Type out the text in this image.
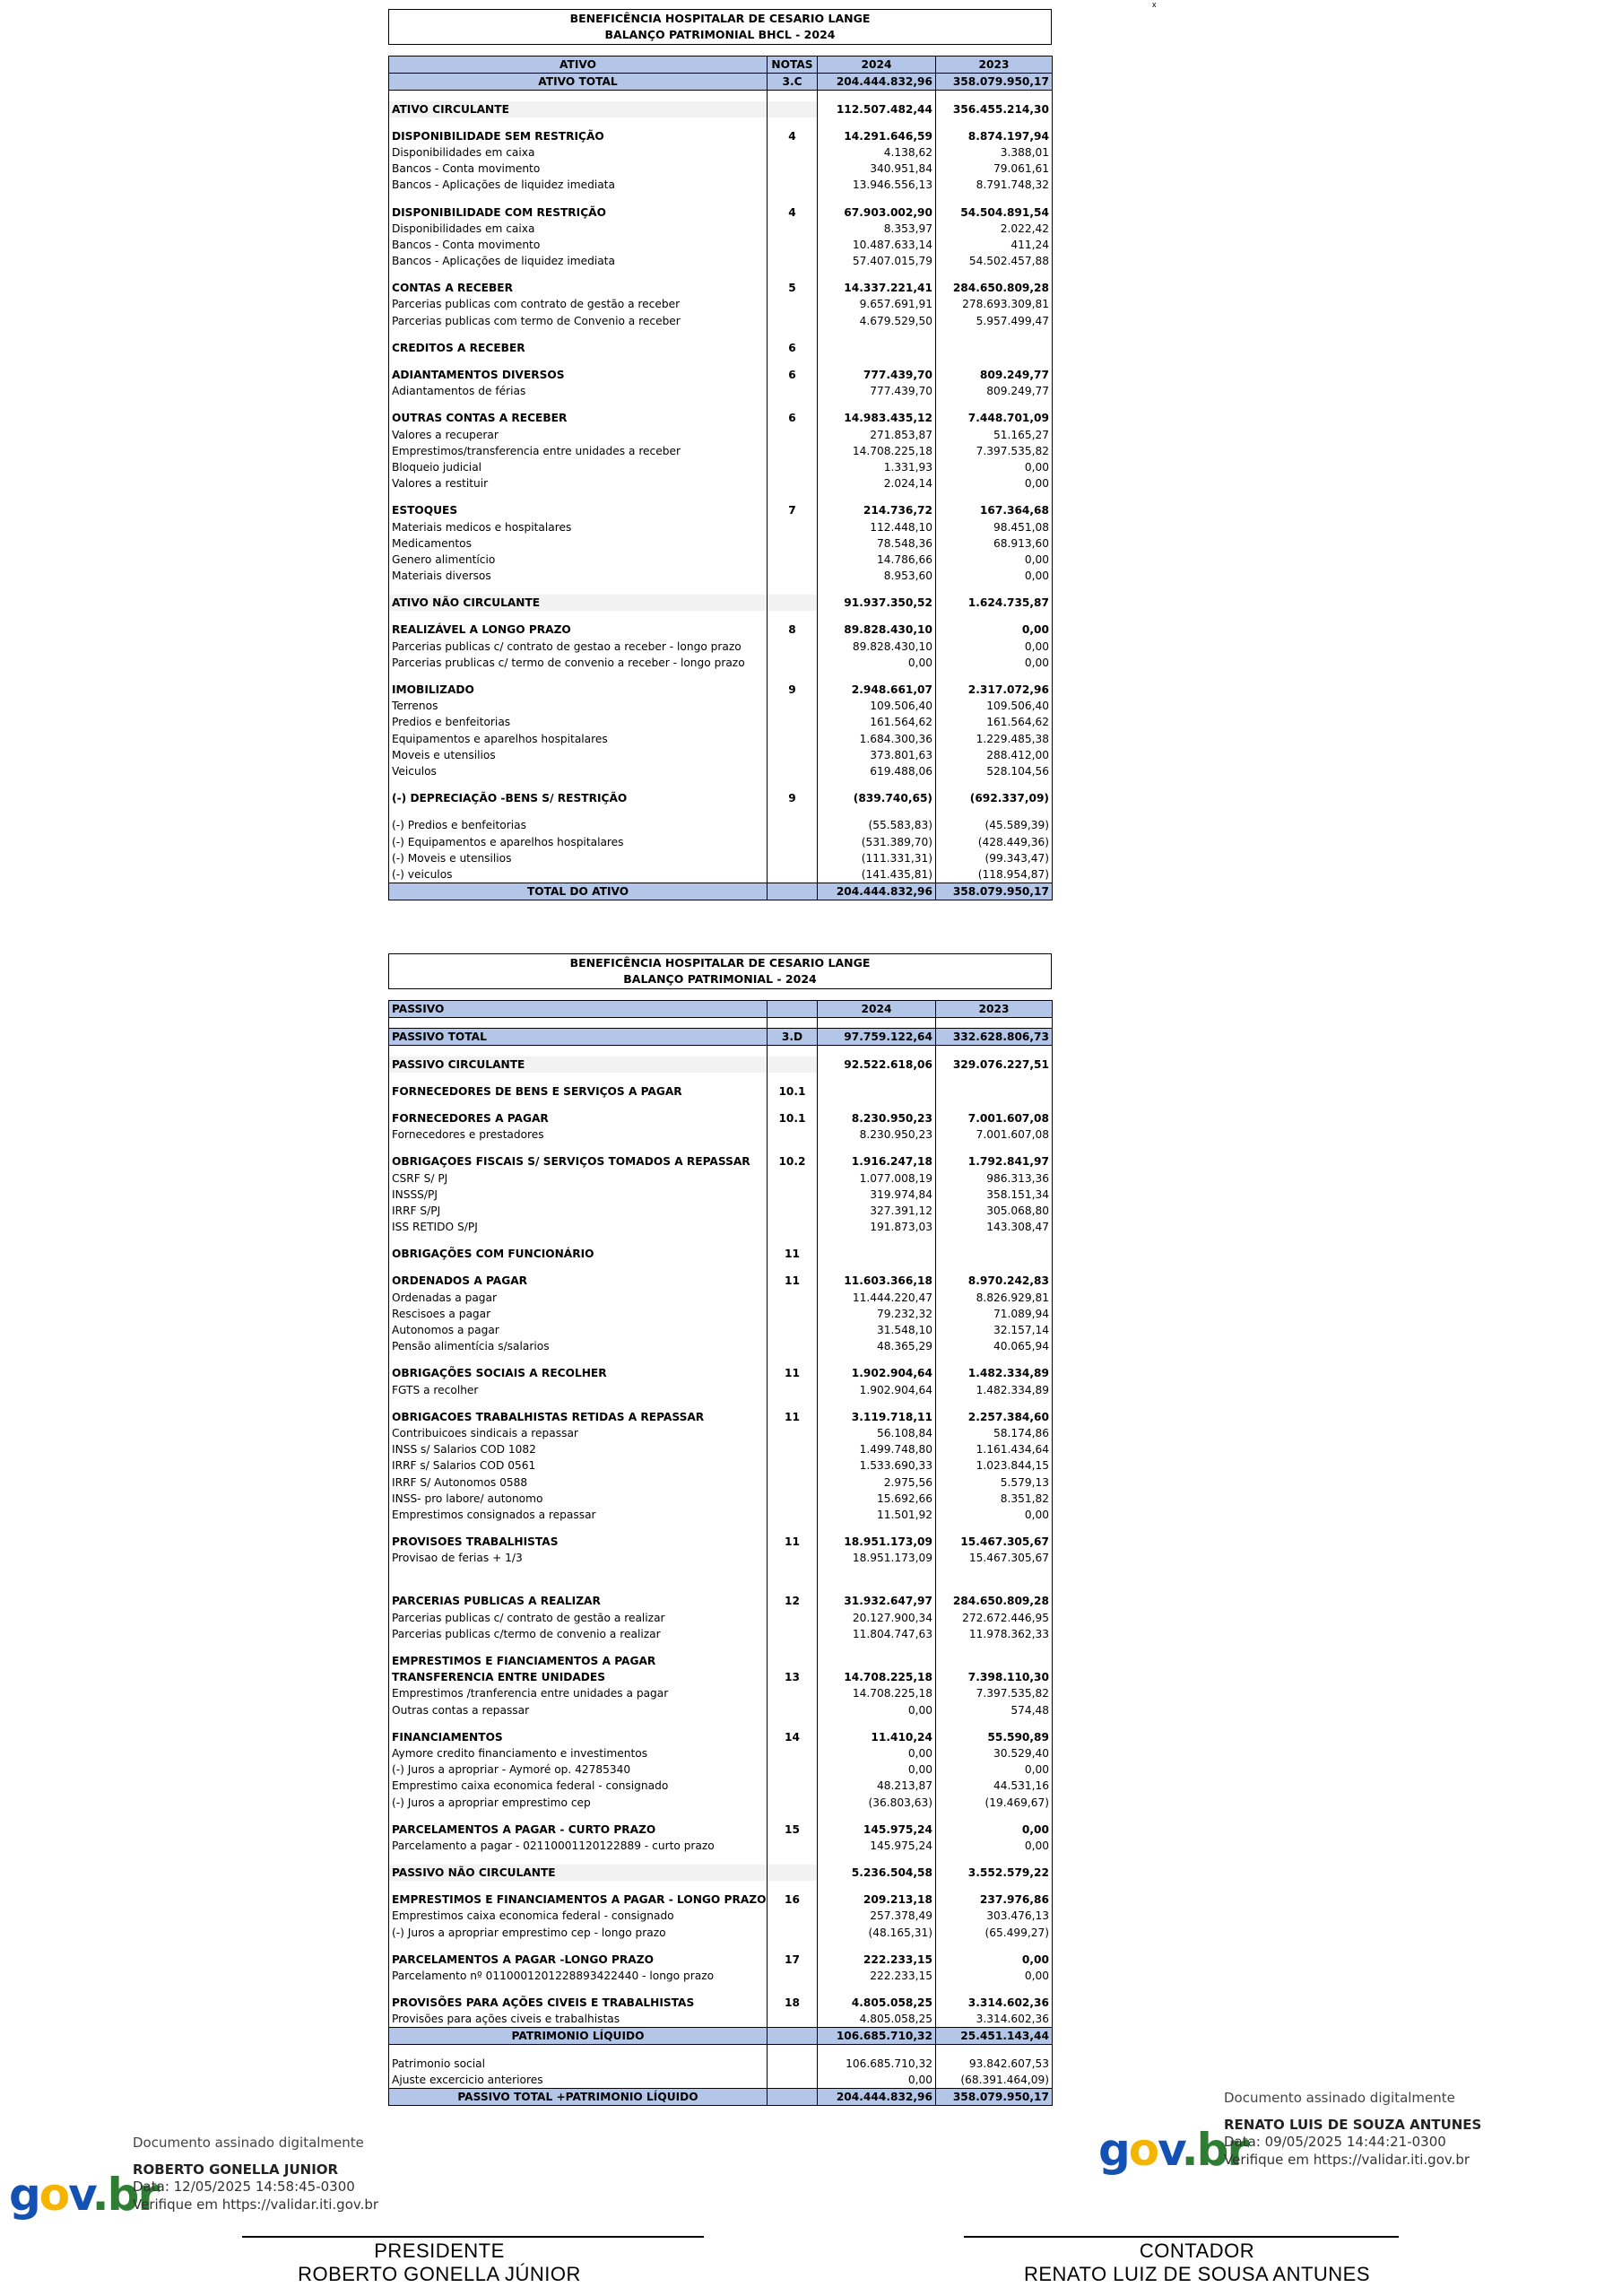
x
BENEFICÊNCIA HOSPITALAR DE CESARIO LANGE
BALANÇO PATRIMONIAL BHCL - 2024
ATIVO	NOTAS	2024	2023
ATIVO TOTAL	3.C	204.444.832,96	358.079.950,17

ATIVO CIRCULANTE		112.507.482,44	356.455.214,30

DISPONIBILIDADE SEM RESTRIÇÃO	4	14.291.646,59	8.874.197,94
Disponibilidades em caixa		4.138,62	3.388,01
Bancos - Conta movimento		340.951,84	79.061,61
Bancos - Aplicações de liquidez imediata		13.946.556,13	8.791.748,32

DISPONIBILIDADE COM RESTRIÇÃO	4	67.903.002,90	54.504.891,54
Disponibilidades em caixa		8.353,97	2.022,42
Bancos - Conta movimento		10.487.633,14	411,24
Bancos - Aplicações de liquidez imediata		57.407.015,79	54.502.457,88

CONTAS A RECEBER	5	14.337.221,41	284.650.809,28
Parcerias publicas com contrato de gestão a receber		9.657.691,91	278.693.309,81
Parcerias publicas com termo de Convenio a receber		4.679.529,50	5.957.499,47

CREDITOS A RECEBER	6		

ADIANTAMENTOS DIVERSOS	6	777.439,70	809.249,77
Adiantamentos de férias		777.439,70	809.249,77

OUTRAS CONTAS A RECEBER	6	14.983.435,12	7.448.701,09
Valores a recuperar		271.853,87	51.165,27
Emprestimos/transferencia entre unidades a receber		14.708.225,18	7.397.535,82
Bloqueio judicial		1.331,93	0,00
Valores a restituir		2.024,14	0,00

ESTOQUES	7	214.736,72	167.364,68
Materiais medicos e hospitalares		112.448,10	98.451,08
Medicamentos		78.548,36	68.913,60
Genero alimentício		14.786,66	0,00
Materiais diversos		8.953,60	0,00

ATIVO NÃO CIRCULANTE		91.937.350,52	1.624.735,87

REALIZÁVEL A LONGO PRAZO	8	89.828.430,10	0,00
Parcerias publicas c/ contrato de gestao a receber - longo prazo		89.828.430,10	0,00
Parcerias prublicas c/ termo de convenio a receber - longo prazo		0,00	0,00

IMOBILIZADO	9	2.948.661,07	2.317.072,96
Terrenos		109.506,40	109.506,40
Predios e benfeitorias		161.564,62	161.564,62
Equipamentos e aparelhos hospitalares		1.684.300,36	1.229.485,38
Moveis e utensilios		373.801,63	288.412,00
Veiculos		619.488,06	528.104,56

(-) DEPRECIAÇÃO -BENS S/ RESTRIÇÃO	9	(839.740,65)	(692.337,09)

(-) Predios e benfeitorias		(55.583,83)	(45.589,39)
(-) Equipamentos e aparelhos hospitalares		(531.389,70)	(428.449,36)
(-) Moveis e utensilios		(111.331,31)	(99.343,47)
(-) veiculos		(141.435,81)	(118.954,87)
TOTAL DO ATIVO		204.444.832,96	358.079.950,17
BENEFICÊNCIA HOSPITALAR DE CESARIO LANGE
BALANÇO PATRIMONIAL - 2024
PASSIVO		2024	2023

PASSIVO TOTAL	3.D	97.759.122,64	332.628.806,73

PASSIVO CIRCULANTE		92.522.618,06	329.076.227,51

FORNECEDORES DE BENS E SERVIÇOS A PAGAR	10.1		

FORNECEDORES A PAGAR	10.1	8.230.950,23	7.001.607,08
Fornecedores e prestadores		8.230.950,23	7.001.607,08

OBRIGAÇOES FISCAIS S/ SERVIÇOS TOMADOS A REPASSAR	10.2	1.916.247,18	1.792.841,97
CSRF S/ PJ		1.077.008,19	986.313,36
INSSS/PJ		319.974,84	358.151,34
IRRF S/PJ		327.391,12	305.068,80
ISS RETIDO S/PJ		191.873,03	143.308,47

OBRIGAÇÕES COM FUNCIONÁRIO	11		

ORDENADOS A PAGAR	11	11.603.366,18	8.970.242,83
Ordenadas a pagar		11.444.220,47	8.826.929,81
Rescisoes a pagar		79.232,32	71.089,94
Autonomos a pagar		31.548,10	32.157,14
Pensão alimentícia s/salarios		48.365,29	40.065,94

OBRIGAÇÕES SOCIAIS A RECOLHER	11	1.902.904,64	1.482.334,89
FGTS a recolher		1.902.904,64	1.482.334,89

OBRIGACOES TRABALHISTAS RETIDAS A REPASSAR	11	3.119.718,11	2.257.384,60
Contribuicoes sindicais a repassar		56.108,84	58.174,86
INSS s/ Salarios COD 1082		1.499.748,80	1.161.434,64
IRRF s/ Salarios COD 0561		1.533.690,33	1.023.844,15
IRRF S/ Autonomos 0588		2.975,56	5.579,13
INSS- pro labore/ autonomo		15.692,66	8.351,82
Emprestimos consignados a repassar		11.501,92	0,00

PROVISOES TRABALHISTAS	11	18.951.173,09	15.467.305,67
Provisao de ferias + 1/3		18.951.173,09	15.467.305,67

PARCERIAS PUBLICAS A REALIZAR	12	31.932.647,97	284.650.809,28
Parcerias publicas c/ contrato de gestão a realizar		20.127.900,34	272.672.446,95
Parcerias publicas c/termo de convenio a realizar		11.804.747,63	11.978.362,33

EMPRESTIMOS E FIANCIAMENTOS A PAGAR			
TRANSFERENCIA ENTRE UNIDADES	13	14.708.225,18	7.398.110,30
Emprestimos /tranferencia entre unidades a pagar		14.708.225,18	7.397.535,82
Outras contas a repassar		0,00	574,48

FINANCIAMENTOS	14	11.410,24	55.590,89
Aymore credito financiamento e investimentos		0,00	30.529,40
(-) Juros a apropriar - Aymoré op. 42785340		0,00	0,00
Emprestimo caixa economica federal - consignado		48.213,87	44.531,16
(-) Juros a apropriar emprestimo cep		(36.803,63)	(19.469,67)

PARCELAMENTOS A PAGAR - CURTO PRAZO	15	145.975,24	0,00
Parcelamento a pagar - 02110001120122889 - curto prazo		145.975,24	0,00

PASSIVO NÃO CIRCULANTE		5.236.504,58	3.552.579,22

EMPRESTIMOS E FINANCIAMENTOS A PAGAR - LONGO PRAZO	16	209.213,18	237.976,86
Emprestimos caixa economica federal - consignado		257.378,49	303.476,13
(-) Juros a apropriar emprestimo cep - longo prazo		(48.165,31)	(65.499,27)

PARCELAMENTOS A PAGAR -LONGO PRAZO	17	222.233,15	0,00
Parcelamento nº 0110001201228893422440 - longo prazo		222.233,15	0,00

PROVISÕES PARA AÇÕES CIVEIS E TRABALHISTAS	18	4.805.058,25	3.314.602,36
Provisões para ações civeis e trabalhistas		4.805.058,25	3.314.602,36
PATRIMONIO LÍQUIDO		106.685.710,32	25.451.143,44

Patrimonio social		106.685.710,32	93.842.607,53
Ajuste excercicio anteriores		0,00	(68.391.464,09)
PASSIVO TOTAL +PATRIMONIO LÍQUIDO		204.444.832,96	358.079.950,17
gov.br
Documento assinado digitalmente
ROBERTO GONELLA JUNIOR
Data: 12/05/2025 14:58:45-0300
Verifique em https://validar.iti.gov.br
gov.br
Documento assinado digitalmente
RENATO LUIS DE SOUZA ANTUNES
Data: 09/05/2025 14:44:21-0300
Verifique em https://validar.iti.gov.br
PRESIDENTE
ROBERTO GONELLA JÚNIOR
CONTADOR
RENATO LUIZ DE SOUSA ANTUNES
